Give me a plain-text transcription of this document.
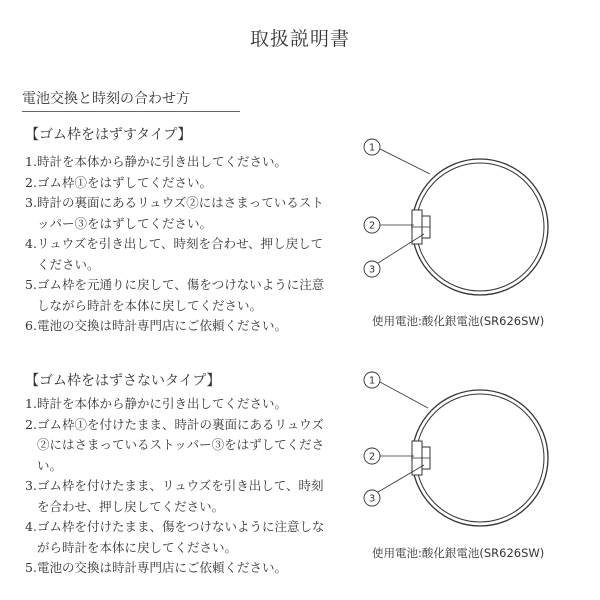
取扱説明書
電池交換と時刻の合わせ方
【ゴム枠をはずすタイプ】
1. 時計を本体から静かに引き出してください。
2. ゴム枠①をはずしてください。
3. 時計の裏面にあるリュウズ②にはさまっているストッパー③をはずしてください。
4. リュウズを引き出して、時刻を合わせ、押し戻してください。
5. ゴム枠を元通りに戻して、傷をつけないように注意しながら時計を本体に戻してください。
6. 電池の交換は時計専門店にご依頼ください。
1
2
3
使用電池:酸化銀電池(SR626SW)
【ゴム枠をはずさないタイプ】
1. 時計を本体から静かに引き出してください。
2. ゴム枠①を付けたまま、時計の裏面にあるリュウズ②にはさまっているストッパー③をはずしてください。
3. ゴム枠を付けたまま、リュウズを引き出して、時刻を合わせ、押し戻してください。
4. ゴム枠を付けたまま、傷をつけないように注意しながら時計を本体に戻してください。
5. 電池の交換は時計専門店にご依頼ください。
1
2
3
使用電池:酸化銀電池(SR626SW)
